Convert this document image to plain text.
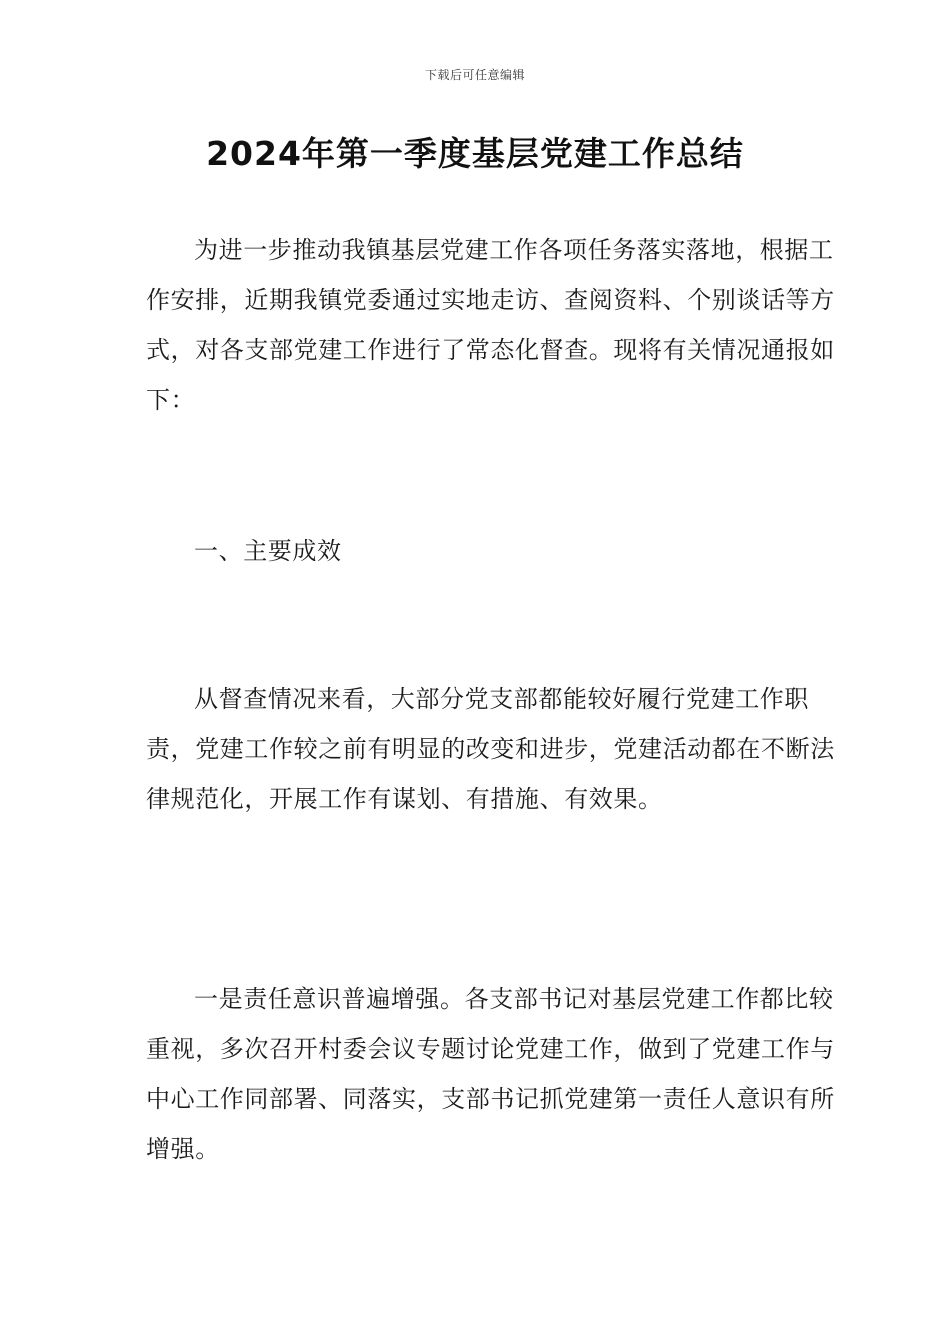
下载后可任意编辑
2024年第一季度基层党建工作总结

为进一步推动我镇基层党建工作各项任务落实落地，根据工作安排，近期我镇党委通过实地走访、查阅资料、个别谈话等方式，对各支部党建工作进行了常态化督查。现将有关情况通报如下：

一、主要成效

从督查情况来看，大部分党支部都能较好履行党建工作职责，党建工作较之前有明显的改变和进步，党建活动都在不断法律规范化，开展工作有谋划、有措施、有效果。

一是责任意识普遍增强。各支部书记对基层党建工作都比较重视，多次召开村委会议专题讨论党建工作，做到了党建工作与中心工作同部署、同落实，支部书记抓党建第一责任人意识有所增强。
